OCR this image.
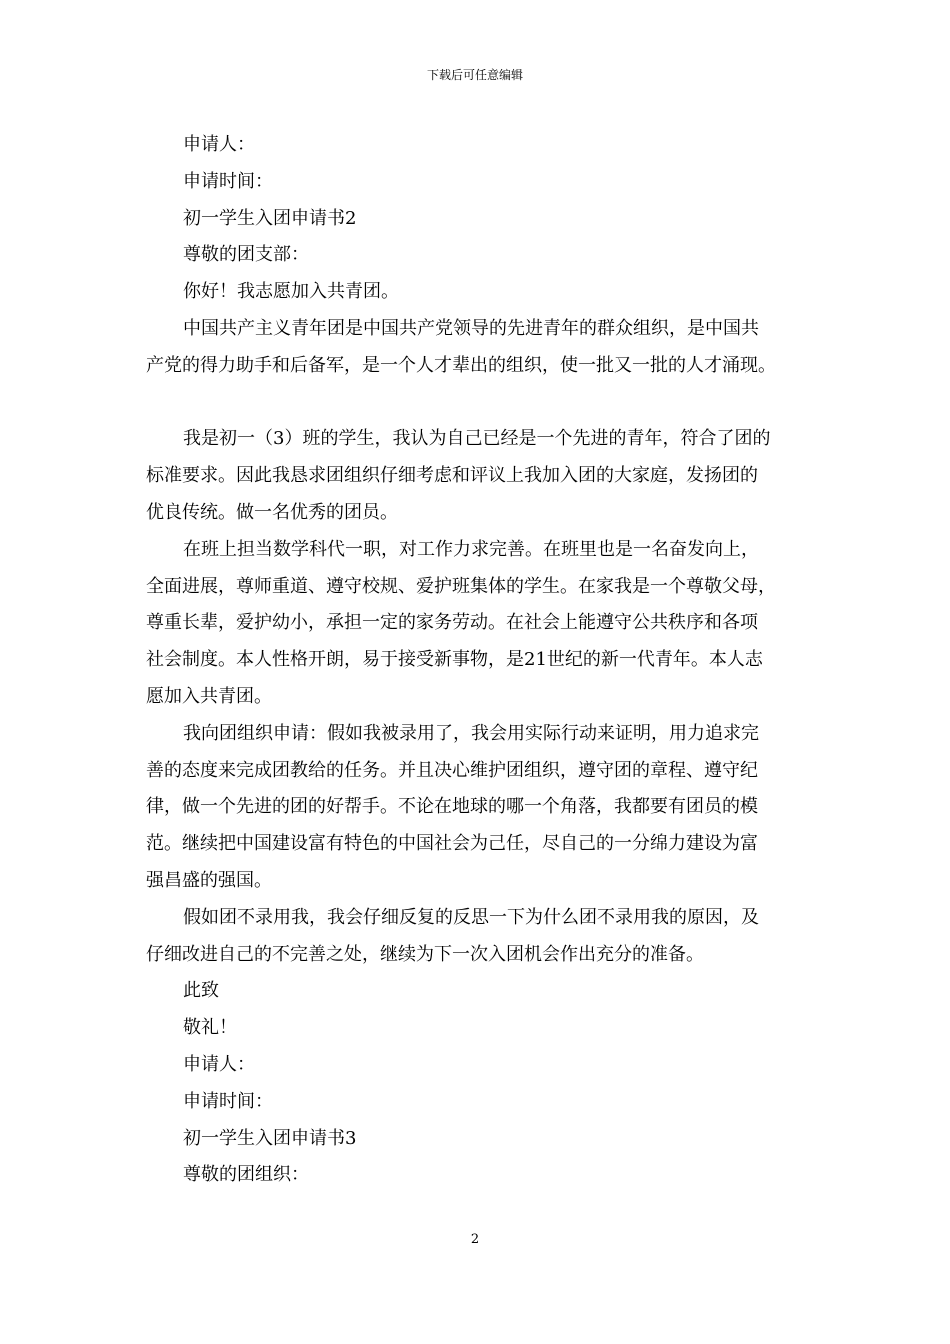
下载后可任意编辑
申请人：
申请时间：
初一学生入团申请书2
尊敬的团支部：
你好！我志愿加入共青团。
中国共产主义青年团是中国共产党领导的先进青年的群众组织，是中国共
产党的得力助手和后备军，是一个人才辈出的组织，使一批又一批的人才涌现。
我是初一（3）班的学生，我认为自己已经是一个先进的青年，符合了团的
标准要求。因此我恳求团组织仔细考虑和评议上我加入团的大家庭，发扬团的
优良传统。做一名优秀的团员。
在班上担当数学科代一职，对工作力求完善。在班里也是一名奋发向上，
全面进展，尊师重道、遵守校规、爱护班集体的学生。在家我是一个尊敬父母，
尊重长辈，爱护幼小，承担一定的家务劳动。在社会上能遵守公共秩序和各项
社会制度。本人性格开朗，易于接受新事物，是21世纪的新一代青年。本人志
愿加入共青团。
我向团组织申请：假如我被录用了，我会用实际行动来证明，用力追求完
善的态度来完成团教给的任务。并且决心维护团组织，遵守团的章程、遵守纪
律，做一个先进的团的好帮手。不论在地球的哪一个角落，我都要有团员的模
范。继续把中国建设富有特色的中国社会为己任，尽自己的一分绵力建设为富
强昌盛的强国。
假如团不录用我，我会仔细反复的反思一下为什么团不录用我的原因，及
仔细改进自己的不完善之处，继续为下一次入团机会作出充分的准备。
此致
敬礼！
申请人：
申请时间：
初一学生入团申请书3
尊敬的团组织：
2
